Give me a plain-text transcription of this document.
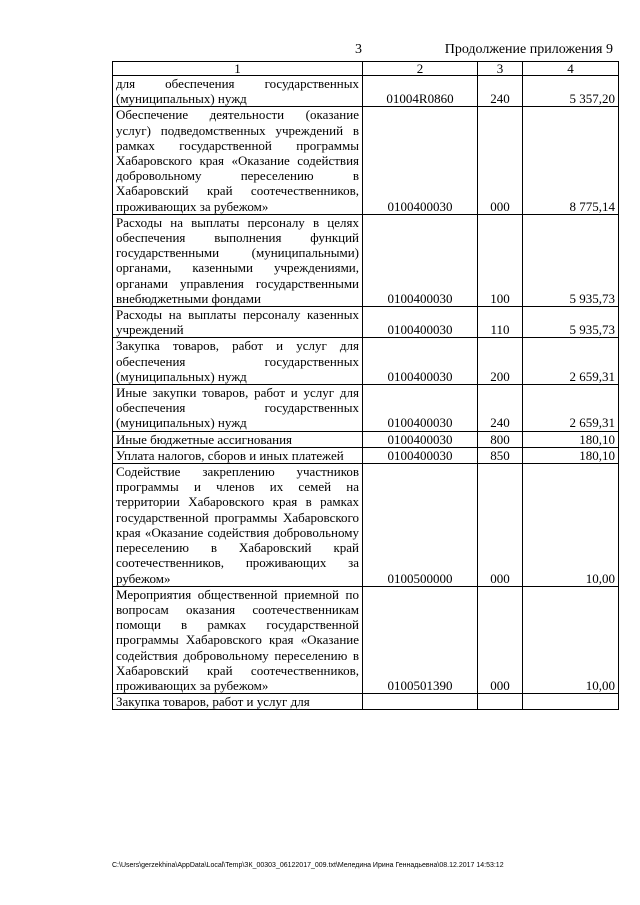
3	Продолжение приложения 9
1	2	3	4
для обеспечения государственных (муниципальных) нужд	01004R0860	240	5 357,20
Обеспечение деятельности (оказание услуг) подведомственных учреждений в рамках государственной программы Хабаровского края «Оказание содействия добровольному переселению в Хабаровский край соотечественников, проживающих за рубежом»	0100400030	000	8 775,14
Расходы на выплаты персоналу в целях обеспечения выполнения функций государственными (муниципальными) органами, казенными учреждениями, органами управления государственными внебюджетными фондами	0100400030	100	5 935,73
Расходы на выплаты персоналу казенных учреждений	0100400030	110	5 935,73
Закупка товаров, работ и услуг для обеспечения государственных (муниципальных) нужд	0100400030	200	2 659,31
Иные закупки товаров, работ и услуг для обеспечения государственных (муниципальных) нужд	0100400030	240	2 659,31
Иные бюджетные ассигнования	0100400030	800	180,10
Уплата налогов, сборов и иных платежей	0100400030	850	180,10
Содействие закреплению участников программы и членов их семей на территории Хабаровского края в рамках государственной программы Хабаровского края «Оказание содействия добровольному переселению в Хабаровский край соотечественников, проживающих за рубежом»	0100500000	000	10,00
Мероприятия общественной приемной по вопросам оказания соотечественникам помощи в рамках государственной программы Хабаровского края «Оказание содействия добровольному переселению в Хабаровский край соотечественников, проживающих за рубежом»	0100501390	000	10,00
Закупка товаров, работ и услуг для			
C:\Users\gerzekhina\AppData\Local\Temp\ЗК_00303_06122017_009.txt\Меледина Ирина Геннадьевна\08.12.2017 14:53:12
